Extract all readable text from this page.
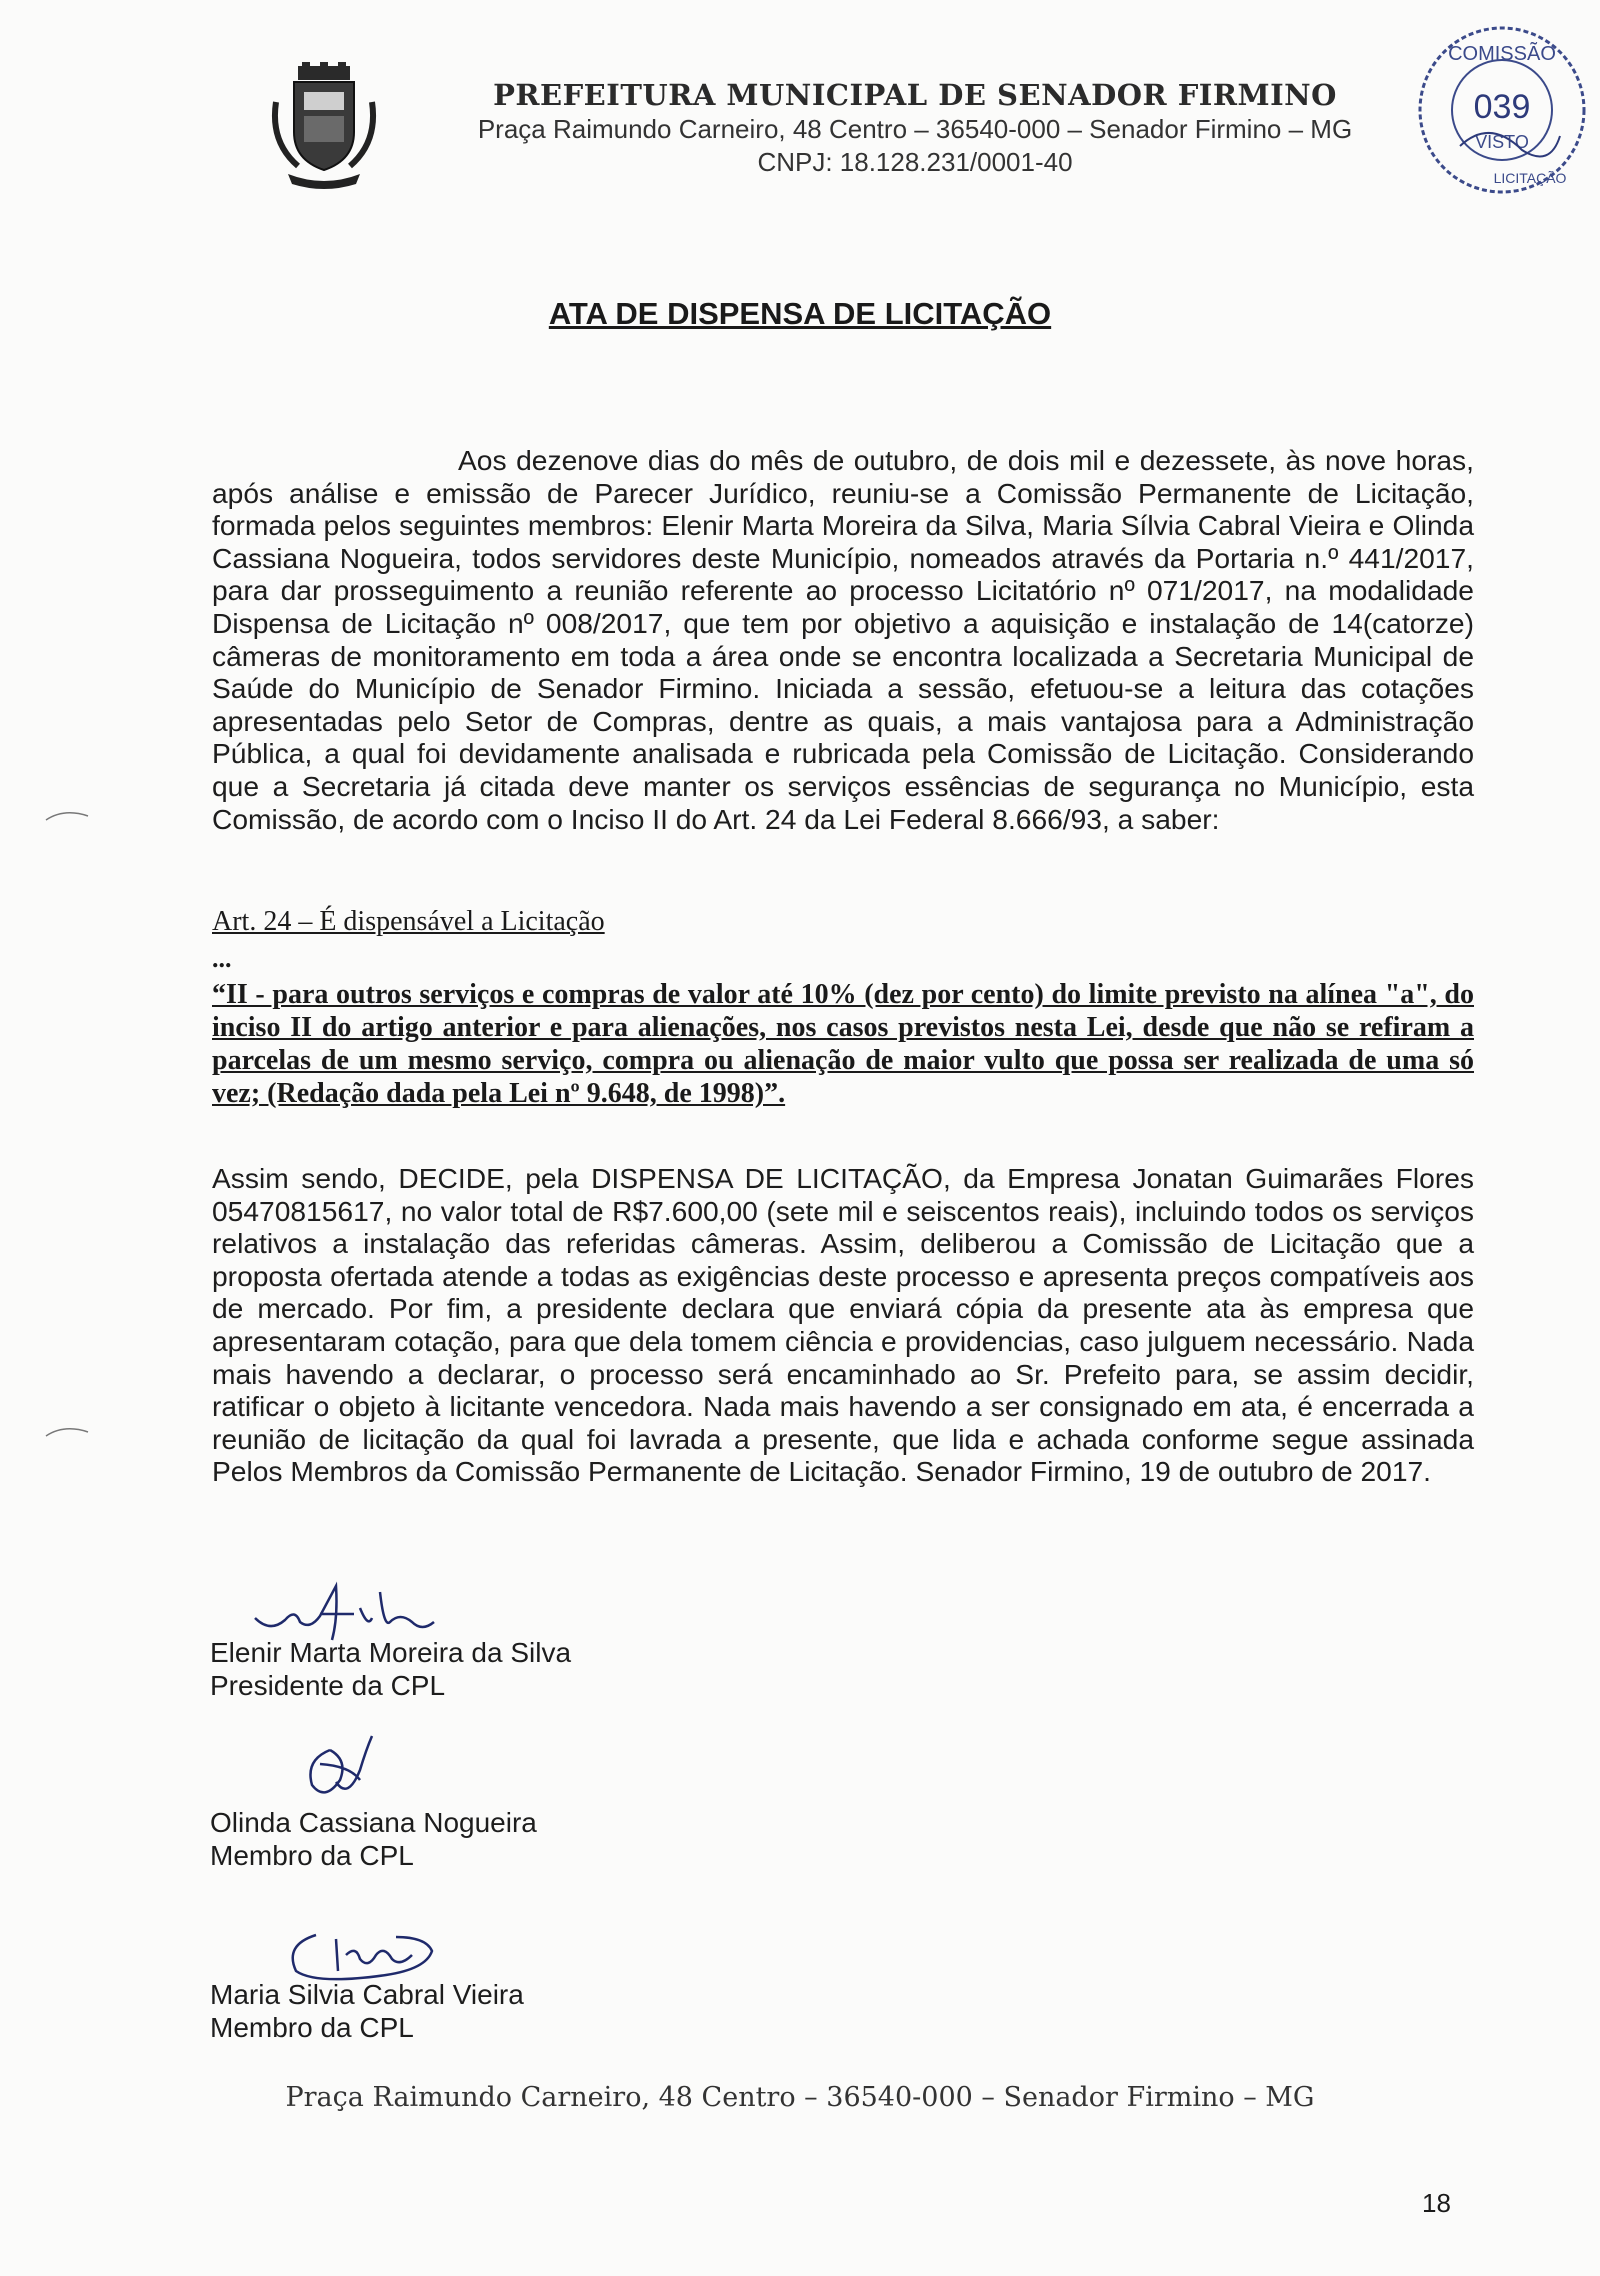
PREFEITURA MUNICIPAL DE SENADOR FIRMINO
Praça Raimundo Carneiro, 48 Centro – 36540-000 – Senador Firmino – MG
CNPJ: 18.128.231/0001-40
COMISSÃO
039
VISTO
LICITAÇÃO
ATA DE DISPENSA DE LICITAÇÃO
Aos dezenove dias do mês de outubro, de dois mil e dezessete, às nove horas, após análise e emissão de Parecer Jurídico, reuniu-se a Comissão Permanente de Licitação, formada pelos seguintes membros: Elenir Marta Moreira da Silva, Maria Sílvia Cabral Vieira e Olinda Cassiana Nogueira, todos servidores deste Município, nomeados através da Portaria n.º 441/2017, para dar prosseguimento a reunião referente ao processo Licitatório nº 071/2017, na modalidade Dispensa de Licitação nº 008/2017, que tem por objetivo a aquisição e instalação de 14(catorze) câmeras de monitoramento em toda a área onde se encontra localizada a Secretaria Municipal de Saúde do Município de Senador Firmino. Iniciada a sessão, efetuou-se a leitura das cotações apresentadas pelo Setor de Compras, dentre as quais, a mais vantajosa para a Administração Pública, a qual foi devidamente analisada e rubricada pela Comissão de Licitação. Considerando que a Secretaria já citada deve manter os serviços essências de segurança no Município, esta Comissão, de acordo com o Inciso II do Art. 24 da Lei Federal 8.666/93, a saber:
Art. 24 – É dispensável a Licitação
...
“II - para outros serviços e compras de valor até 10% (dez por cento) do limite previsto na alínea "a", do inciso II do artigo anterior e para alienações, nos casos previstos nesta Lei, desde que não se refiram a parcelas de um mesmo serviço, compra ou alienação de maior vulto que possa ser realizada de uma só vez; (Redação dada pela Lei nº 9.648, de 1998)”.
Assim sendo, DECIDE, pela DISPENSA DE LICITAÇÃO, da Empresa Jonatan Guimarães Flores 05470815617, no valor total de R$7.600,00 (sete mil e seiscentos reais), incluindo todos os serviços relativos a instalação das referidas câmeras. Assim, deliberou a Comissão de Licitação que a proposta ofertada atende a todas as exigências deste processo e apresenta preços compatíveis aos de mercado. Por fim, a presidente declara que enviará cópia da presente ata às empresa que apresentaram cotação, para que dela tomem ciência e providencias, caso julguem necessário. Nada mais havendo a declarar, o processo será encaminhado ao Sr. Prefeito para, se assim decidir, ratificar o objeto à licitante vencedora. Nada mais havendo a ser consignado em ata, é encerrada a reunião de licitação da qual foi lavrada a presente, que lida e achada conforme segue assinada Pelos Membros da Comissão Permanente de Licitação. Senador Firmino, 19 de outubro de 2017.
Elenir Marta Moreira da Silva
Presidente da CPL
Olinda Cassiana Nogueira
Membro da CPL
Maria Silvia Cabral Vieira
Membro da CPL
Praça Raimundo Carneiro, 48 Centro – 36540-000 – Senador Firmino – MG
18
